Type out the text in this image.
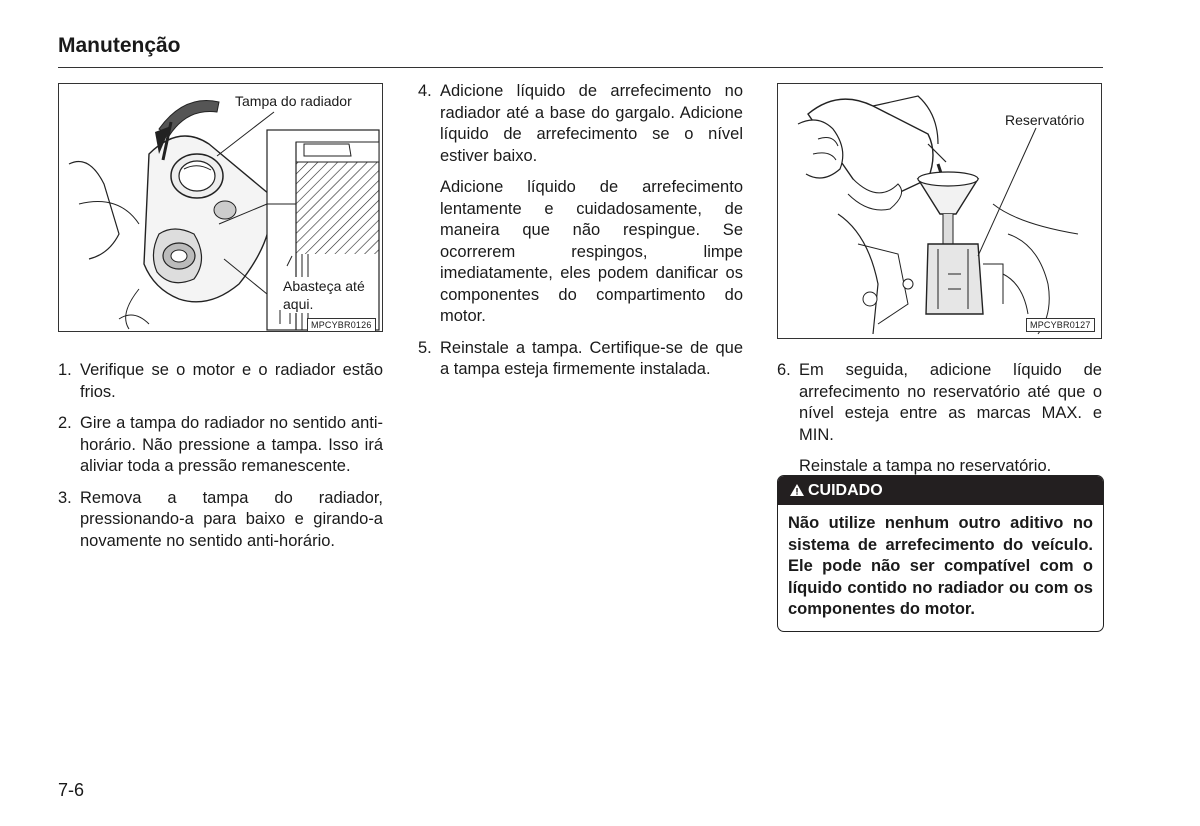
Manutenção
Tampa do radiador
Abasteça até
aqui.
MPCYBR0126
Reservatório
MPCYBR0127
1. Verifique se o motor e o radiador estão frios.

2. Gire a tampa do radiador no sentido anti-horário. Não pressione a tampa. Isso irá aliviar toda a pressão remanescente.

3. Remova a tampa do radiador, pressionando-a para baixo e girando-a novamente no sentido anti-horário.

4. Adicione líquido de arrefecimento no radiador até a base do gargalo. Adicione líquido de arrefecimento se o nível estiver baixo.

Adicione líquido de arrefecimento lentamente e cuidadosamente, de maneira que não respingue. Se ocorrerem respingos, limpe imediatamente, eles podem danificar os componentes do compartimento do motor.

5. Reinstale a tampa. Certifique-se de que a tampa esteja firmemente instalada.	6. Em seguida, adicione líquido de arrefecimento no reservatório até que o nível esteja entre as marcas MAX. e MIN.

Reinstale a tampa no reservatório.

CUIDADO
Não utilize nenhum outro aditivo no sistema de arrefecimento do veículo. Ele pode não ser compatível com o líquido contido no radiador ou com os componentes do motor.
7-6
